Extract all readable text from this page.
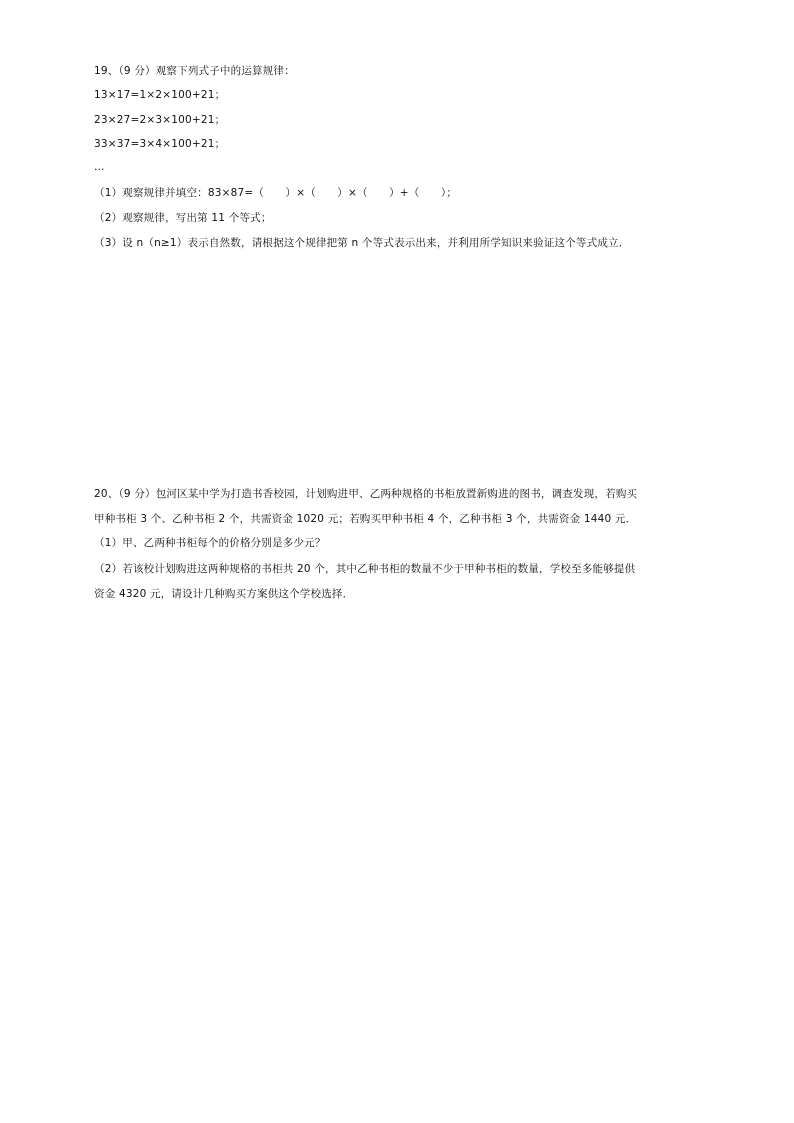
19、（9 分）观察下列式子中的运算规律：
13×17=1×2×100+21；
23×27=2×3×100+21；
33×37=3×4×100+21；
…
（1）观察规律并填空：83×87=（　　）×（　　）×（　　）+（　　）；
（2）观察规律，写出第 11 个等式；
（3）设 n（n≥1）表示自然数，请根据这个规律把第 n 个等式表示出来，并利用所学知识来验证这个等式成立．
20、（9 分）包河区某中学为打造书香校园，计划购进甲、乙两种规格的书柜放置新购进的图书，调查发现，若购买
甲种书柜 3 个、乙种书柜 2 个，共需资金 1020 元；若购买甲种书柜 4 个，乙种书柜 3 个，共需资金 1440 元．
（1）甲、乙两种书柜每个的价格分别是多少元？
（2）若该校计划购进这两种规格的书柜共 20 个，其中乙种书柜的数量不少于甲种书柜的数量，学校至多能够提供
资金 4320 元，请设计几种购买方案供这个学校选择．
